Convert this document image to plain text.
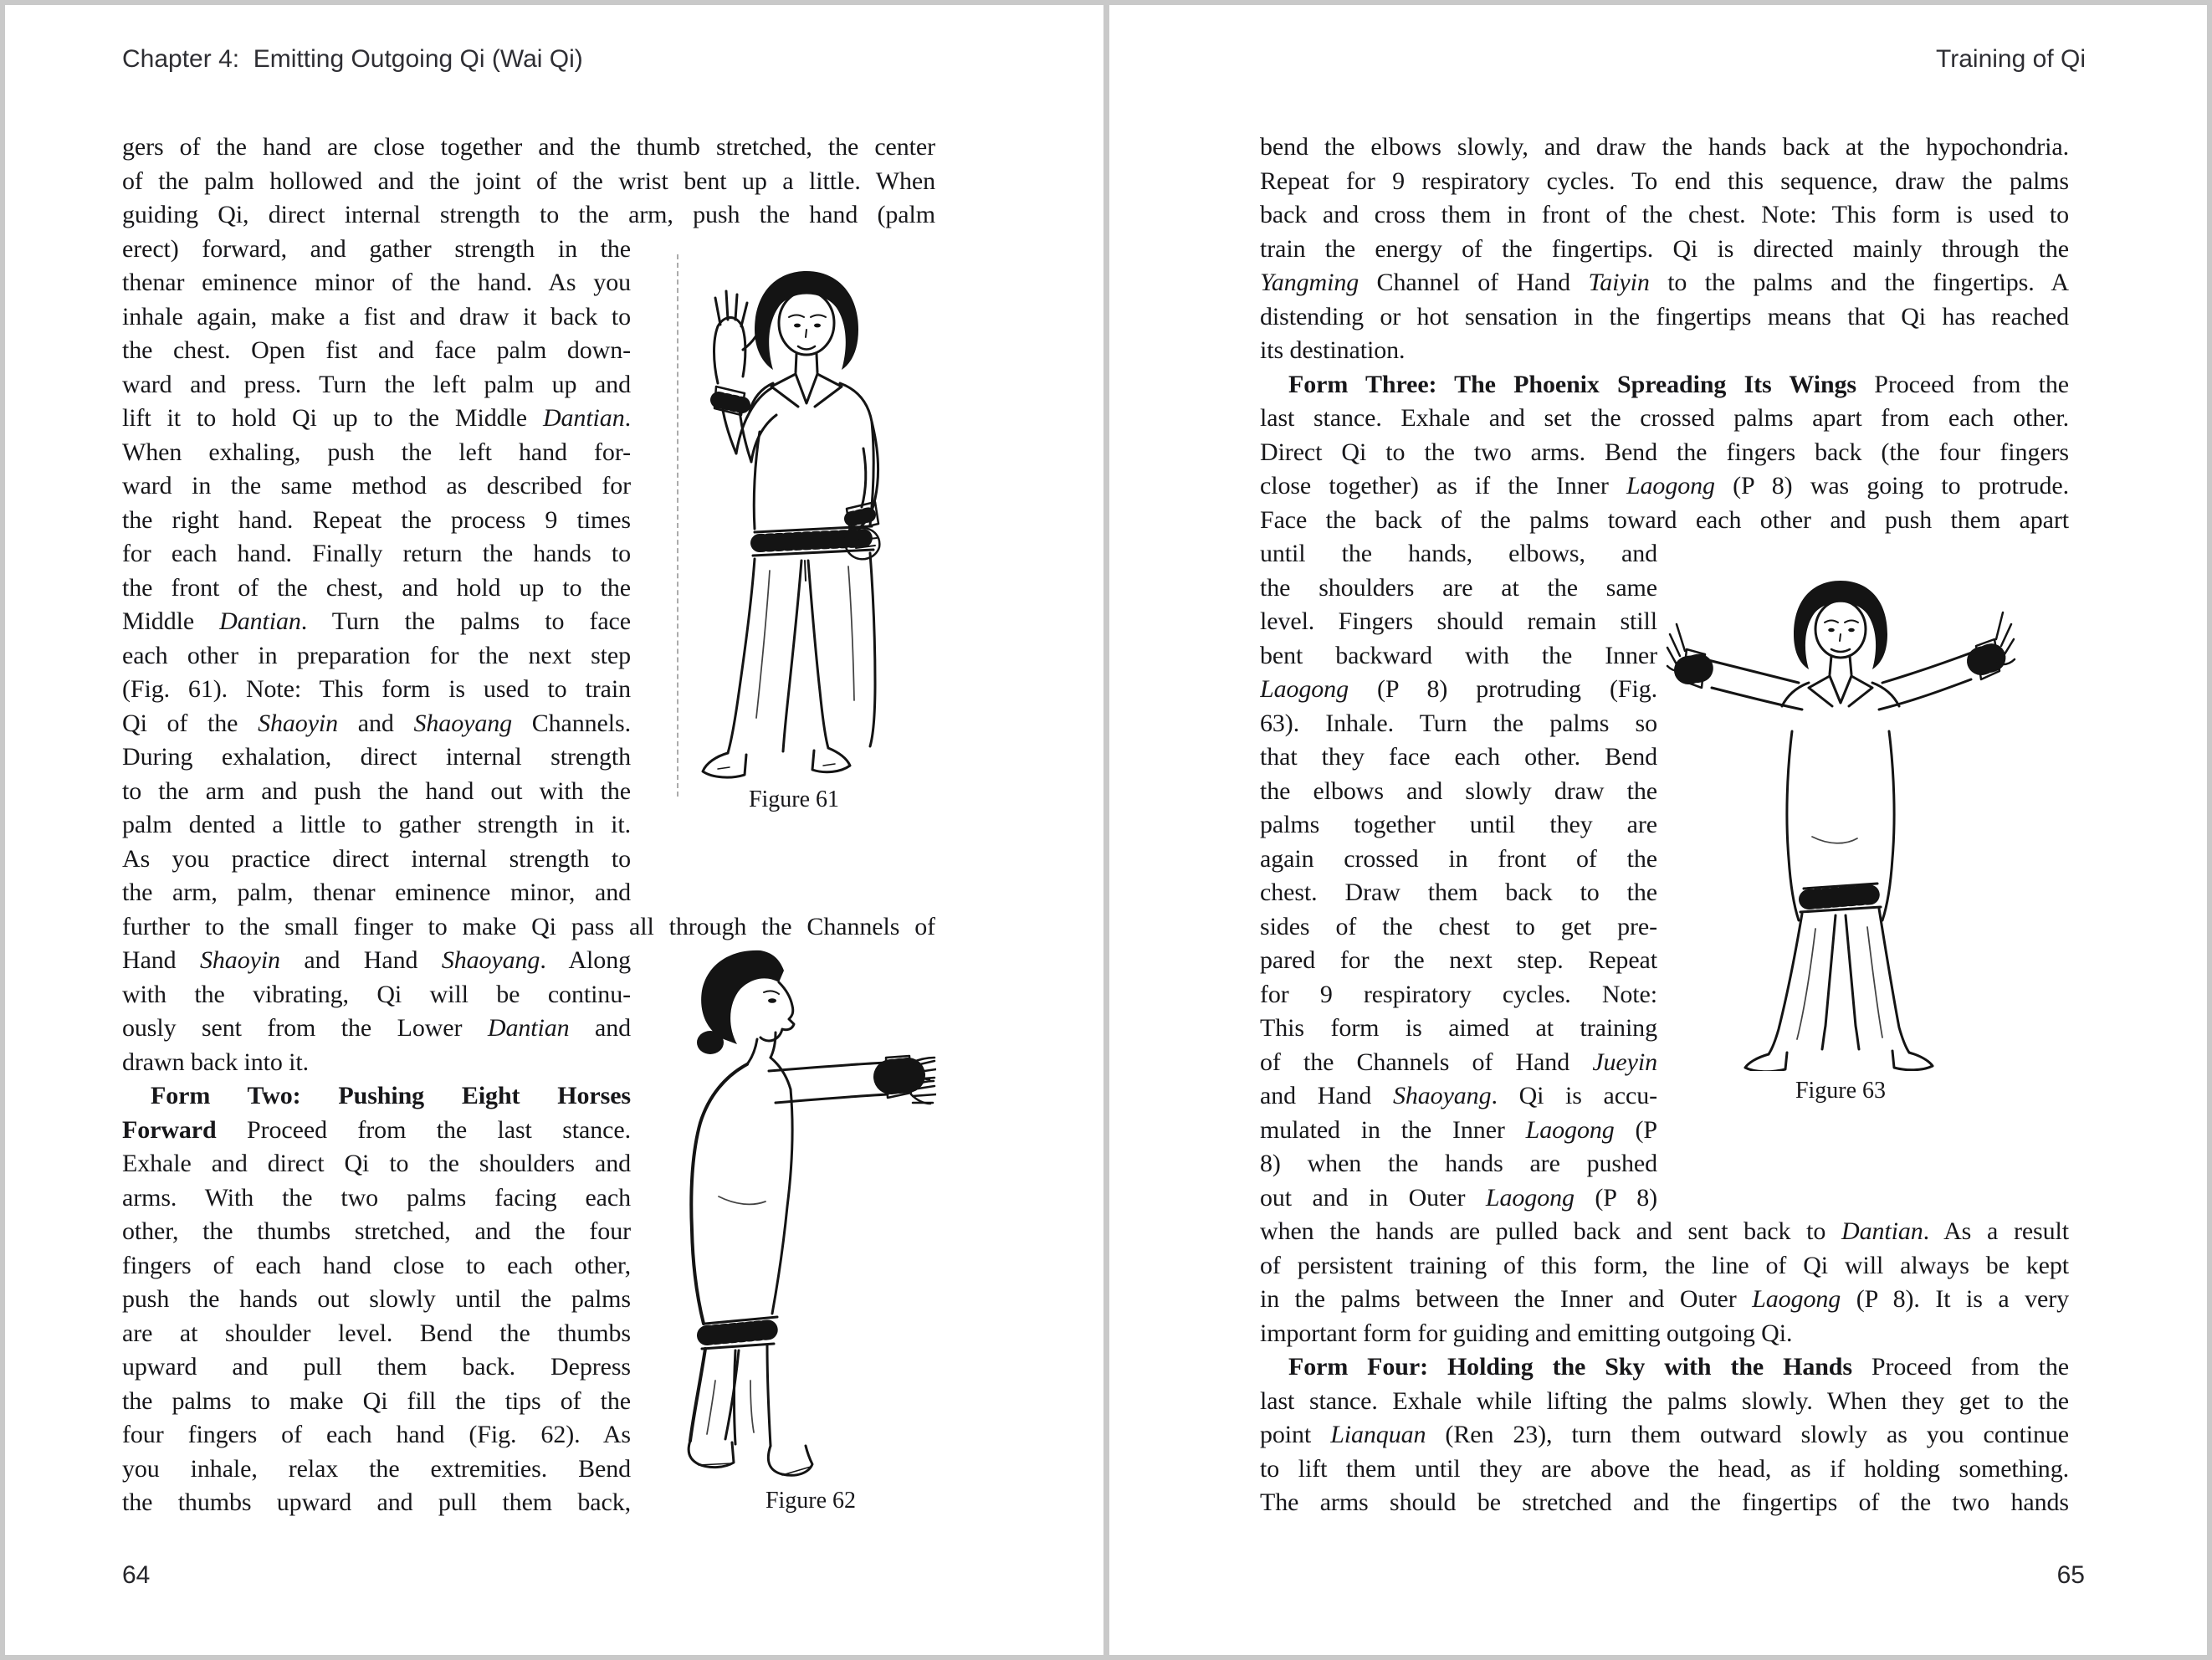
Chapter 4:  Emitting Outgoing Qi (Wai Qi)
gers of the hand are close together and the thumb stretched, the center
of the palm hollowed and the joint of the wrist bent up a little. When
guiding Qi, direct internal strength to the arm, push the hand (palm
erect) forward, and gather strength in the
thenar eminence minor of the hand. As you
inhale again, make a fist and draw it back to
the chest. Open fist and face palm down-
ward and press. Turn the left palm up and
lift it to hold Qi up to the Middle Dantian.
When exhaling, push the left hand for-
ward in the same method as described for
the right hand. Repeat the process 9 times
for each hand. Finally return the hands to
the front of the chest, and hold up to the
Middle Dantian. Turn the palms to face
each other in preparation for the next step
(Fig. 61). Note: This form is used to train
Qi of the Shaoyin and Shaoyang Channels.
During exhalation, direct internal strength
to the arm and push the hand out with the
palm dented a little to gather strength in it.
As you practice direct internal strength to
the arm, palm, thenar eminence minor, and
further to the small finger to make Qi pass all through the Channels of
Hand Shaoyin and Hand Shaoyang. Along
with the vibrating, Qi will be continu-
ously sent from the Lower Dantian and
drawn back into it.
Form Two: Pushing Eight Horses
Forward Proceed from the last stance.
Exhale and direct Qi to the shoulders and
arms. With the two palms facing each
other, the thumbs stretched, and the four
fingers of each hand close to each other,
push the hands out slowly until the palms
are at shoulder level. Bend the thumbs
upward and pull them back. Depress
the palms to make Qi fill the tips of the
four fingers of each hand (Fig. 62). As
you inhale, relax the extremities. Bend
the thumbs upward and pull them back,
Figure 61
Figure 62
64
Training of Qi
bend the elbows slowly, and draw the hands back at the hypochondria.
Repeat for 9 respiratory cycles. To end this sequence, draw the palms
back and cross them in front of the chest. Note: This form is used to
train the energy of the fingertips. Qi is directed mainly through the
Yangming Channel of Hand Taiyin to the palms and the fingertips. A
distending or hot sensation in the fingertips means that Qi has reached
its destination.
Form Three: The Phoenix Spreading Its Wings Proceed from the
last stance. Exhale and set the crossed palms apart from each other.
Direct Qi to the two arms. Bend the fingers back (the four fingers
close together) as if the Inner Laogong (P 8) was going to protrude.
Face the back of the palms toward each other and push them apart
until the hands, elbows, and
the shoulders are at the same
level. Fingers should remain still
bent backward with the Inner
Laogong (P 8) protruding (Fig.
63). Inhale. Turn the palms so
that they face each other. Bend
the elbows and slowly draw the
palms together until they are
again crossed in front of the
chest. Draw them back to the
sides of the chest to get pre-
pared for the next step. Repeat
for 9 respiratory cycles. Note:
This form is aimed at training
of the Channels of Hand Jueyin
and Hand Shaoyang. Qi is accu-
mulated in the Inner Laogong (P
8) when the hands are pushed
out and in Outer Laogong (P 8)
when the hands are pulled back and sent back to Dantian. As a result
of persistent training of this form, the line of Qi will always be kept
in the palms between the Inner and Outer Laogong (P 8). It is a very
important form for guiding and emitting outgoing Qi.
Form Four: Holding the Sky with the Hands Proceed from the
last stance. Exhale while lifting the palms slowly. When they get to the
point Lianquan (Ren 23), turn them outward slowly as you continue
to lift them until they are above the head, as if holding something.
The arms should be stretched and the fingertips of the two hands
Figure 63
65
